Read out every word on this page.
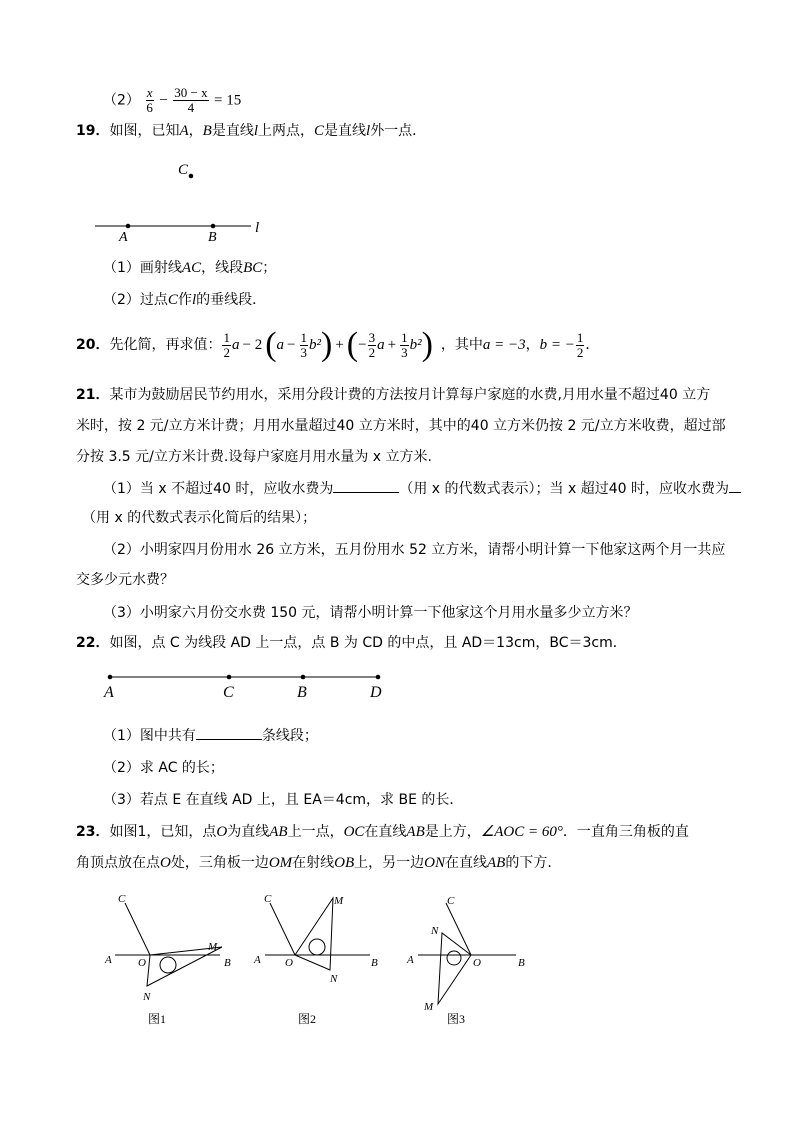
$(2) \frac{x}{6} - \frac{30 - x}{4} = 15$
19．如图，已知A，B是直线l上两点，C是直线l外一点．
C
A	B
l
（1）画射线AC，线段BC；
（2）过点C作l的垂线段．
20． 先化简，再求值： $\frac{1}{2}$ a − 2 ( $a - \frac{1}{3} b^2$ ) + ( − $\frac{3}{2}$ $a + \frac{1}{3} b^2$ ) ，其中 a = −3 ， b = − $\frac{1}{2}$ ．
21．某市为鼓励居民节约用水，采用分段计费的方法按月计算每户家庭的水费,月用水量不超过40 立方
米时，按 2 元/立方米计费；月用水量超过40 立方米时，其中的40 立方米仍按 2 元/立方米收费，超过部
分按 3.5 元/立方米计费.设每户家庭月用水量为 x 立方米.
（1）当 x 不超过40 时，应收水费为	（用 x 的代数式表示）；当 x 超过40 时，应收水费为
（用 x 的代数式表示化简后的结果）；
（2）小明家四月份用水 26 立方米，五月份用水 52 立方米，请帮小明计算一下他家这两个月一共应
交多少元水费？
（3）小明家六月份交水费 150 元，请帮小明计算一下他家这个月用水量多少立方米？
22．如图，点 C 为线段 AD 上一点，点 B 为 CD 的中点，且 AD＝13cm，BC＝3cm．
A	C	B	D
（1）图中共有	条线段；
（2）求 AC 的长；
（3）若点 E 在直线 AD 上，且 EA＝4cm，求 BE 的长．
23．如图1，已知，点O为直线AB上一点，OC在直线AB是上方，∠AOC = 60°．一直角三角板的直
角顶点放在点O处，三角板一边OM在射线OB上，另一边ON在直线AB的下方．
A O	B
C
M
N
图1
A O	B
C	M
N
图2
A	O	B
C
N
M
图3
